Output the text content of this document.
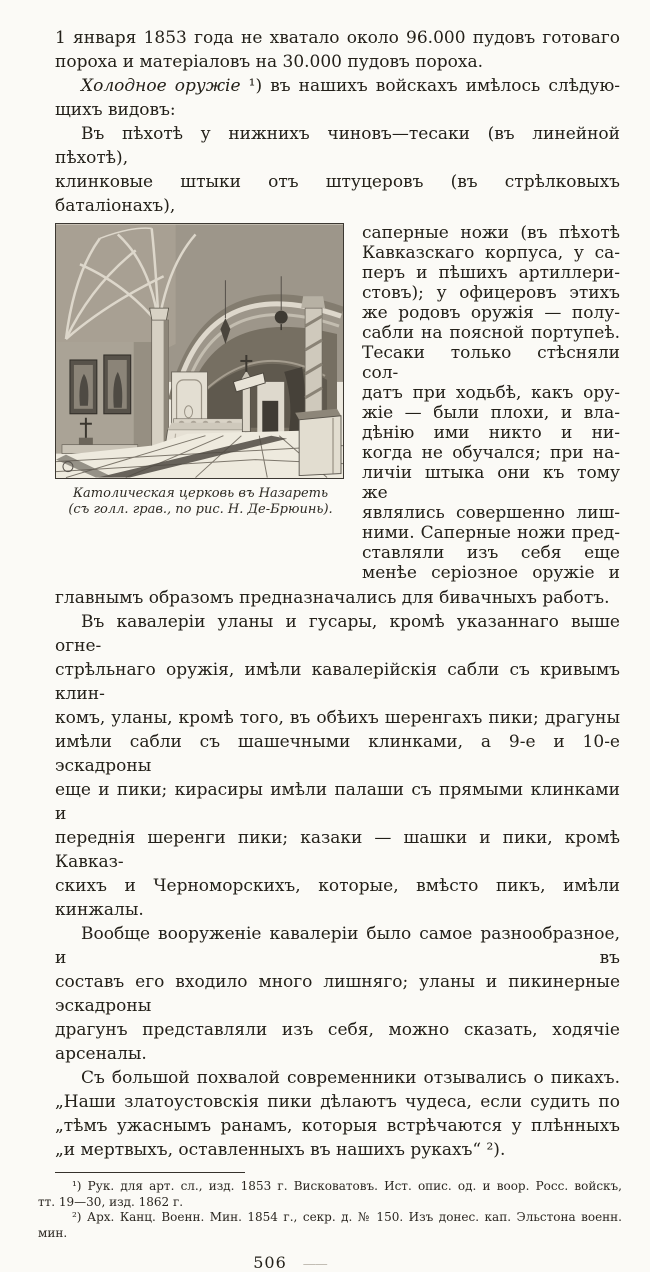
1 января 1853 года не хватало около 96.000 пудовъ готоваго
пороха и матеріаловъ на 30.000 пудовъ пороха.
Холодное оружіе ¹) въ нашихъ войскахъ имѣлось слѣдую-
щихъ видовъ:
Въ пѣхотѣ у нижнихъ чиновъ—тесаки (въ линейной пѣхотѣ),
клинковые штыки отъ штуцеровъ (въ стрѣлковыхъ баталіонахъ),
Католическая церковь въ Назареть
(съ голл. грав., по рис. Н. Де-Брюинь).
саперные ножи (въ пѣхотѣ
Кавказскаго корпуса, у са-
перъ и пѣшихъ артиллери-
стовъ); у офицеровъ этихъ
же родовъ оружія — полу-
сабли на поясной портупеѣ.
Тесаки только стѣсняли сол-
датъ при ходьбѣ, какъ ору-
жіе — были плохи, и вла-
дѣнію ими никто и ни-
когда не обучался; при на-
личіи штыка они къ тому же
являлись совершенно лиш-
ними. Саперные ножи пред-
ставляли изъ себя еще
менѣе серіозное оружіе и
главнымъ образомъ предназначались для бивачныхъ работъ.
Въ кавалеріи уланы и гусары, кромѣ указаннаго выше огне-
стрѣльнаго оружія, имѣли кавалерійскія сабли съ кривымъ клин-
комъ, уланы, кромѣ того, въ обѣихъ шеренгахъ пики; драгуны
имѣли сабли съ шашечными клинками, а 9-е и 10-е эскадроны
еще и пики; кирасиры имѣли палаши съ прямыми клинками и
переднія шеренги пики; казаки — шашки и пики, кромѣ Кавказ-
скихъ и Черноморскихъ, которые, вмѣсто пикъ, имѣли кинжалы.
Вообще вооруженіе кавалеріи было самое разнообразное, и въ
составъ его входило много лишняго; уланы и пикинерные эскадроны
драгунъ представляли изъ себя, можно сказать, ходячіе арсеналы.
Съ большой похвалой современники отзывались о пикахъ.
„Наши златоустовскія пики дѣлаютъ чудеса, если судить по
„тѣмъ ужаснымъ ранамъ, которыя встрѣчаются у плѣнныхъ
„и мертвыхъ, оставленныхъ въ нашихъ рукахъ“ ²).
¹) Рук. для арт. сл., изд. 1853 г. Висковатовъ. Ист. опис. од. и воор. Росс. войскъ,
тт. 19—30, изд. 1862 г.
²) Арх. Канц. Военн. Мин. 1854 г., секр. д. № 150. Изъ донес. кап. Эльстона военн. мин.
506 ——
